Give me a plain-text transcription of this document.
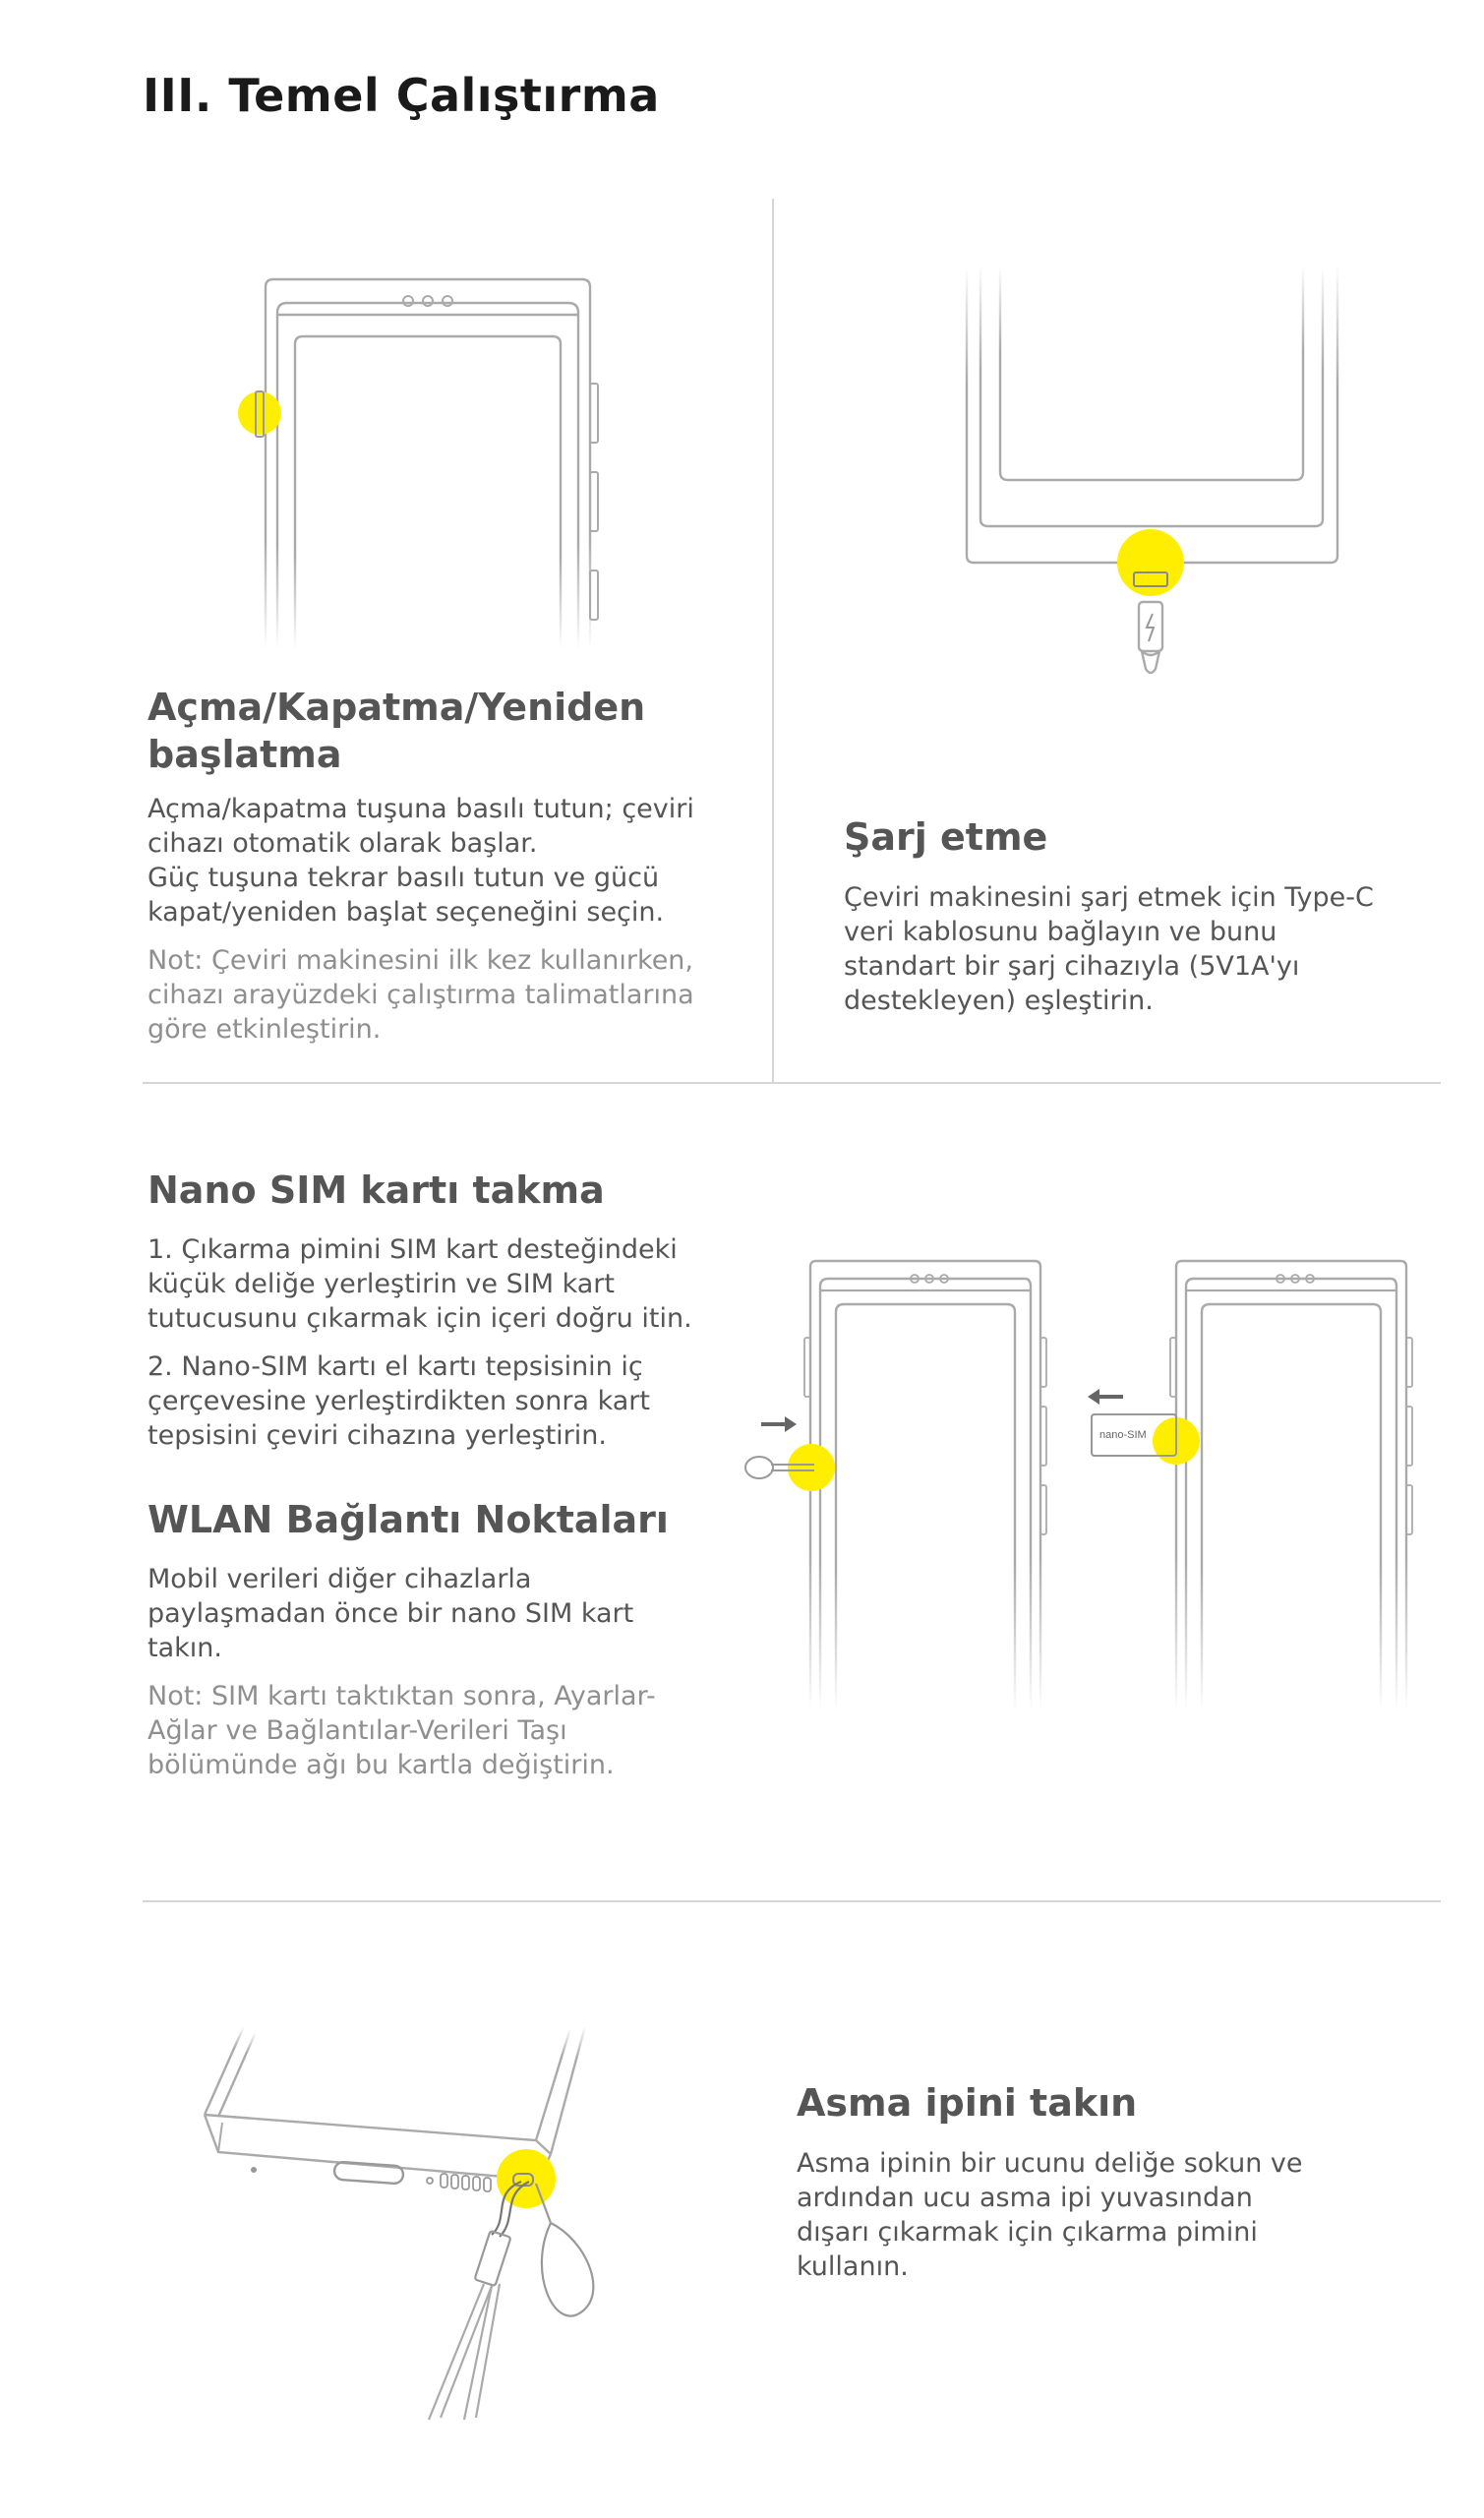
III. Temel Çalıştırma
Açma/Kapatma/Yeniden başlatma

Açma/kapatma tuşuna basılı tutun; çeviri cihazı otomatik olarak başlar.

Güç tuşuna tekrar basılı tutun ve gücü kapat/yeniden başlat seçeneğini seçin.

Not: Çeviri makinesini ilk kez kullanırken, cihazı arayüzdeki çalıştırma talimatlarına göre etkinleştirin.

Şarj etme

Çeviri makinesini şarj etmek için Type-C veri kablosunu bağlayın ve bunu standart bir şarj cihazıyla (5V1A'yı destekleyen) eşleştirin.

Nano SIM kartı takma

1. Çıkarma pimini SIM kart desteğindeki küçük deliğe yerleştirin ve SIM kart tutucusunu çıkarmak için içeri doğru itin.

2. Nano-SIM kartı el kartı tepsisinin iç çerçevesine yerleştirdikten sonra kart tepsisini çeviri cihazına yerleştirin.

WLAN Bağlantı Noktaları

Mobil verileri diğer cihazlarla paylaşmadan önce bir nano SIM kart takın.

Not: SIM kartı taktıktan sonra, Ayarlar-Ağlar ve Bağlantılar-Verileri Taşı bölümünde ağı bu kartla değiştirin.

nano-SIM
Asma ipini takın

Asma ipinin bir ucunu deliğe sokun ve ardından ucu asma ipi yuvasından dışarı çıkarmak için çıkarma pimini kullanın.
